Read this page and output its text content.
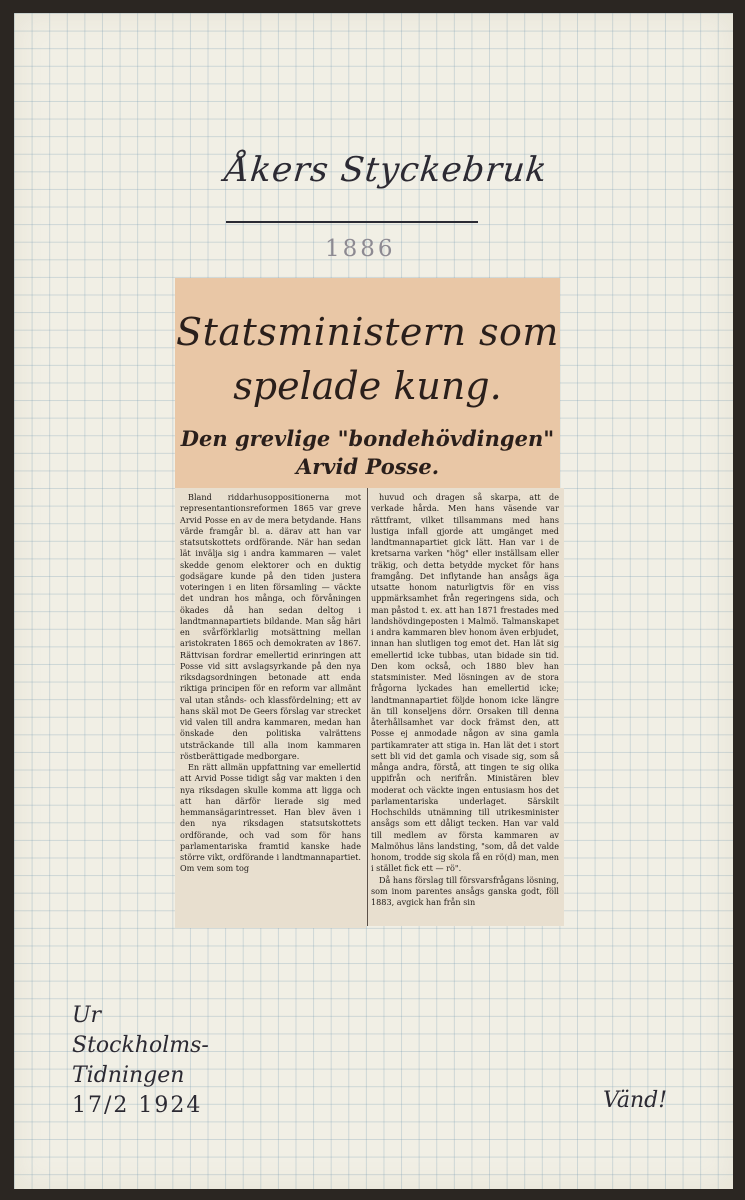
Åkers Styckebruk
1886
Statsministern som
spelade kung.
Den grevlige "bondehövdingen"
Arvid Posse.

Bland riddarhusoppositionerna mot representantionsreformen 1865 var greve Arvid Posse en av de mera betydande. Hans värde framgår bl. a. därav att han var statsutskottets ordförande. När han sedan lät invälja sig i andra kammaren — valet skedde genom elektorer och en duktig godsägare kunde på den tiden justera voteringen i en liten församling — väckte det undran hos många, och förvåningen ökades då han sedan deltog i landtmannapartiets bildande. Man såg häri en svårförklarlig motsättning mellan aristokraten 1865 och demokraten av 1867. Rättvisan fordrar emellertid erinringen att Posse vid sitt avslagsyrkande på den nya riksdagsordningen betonade att enda riktiga principen för en reform var allmänt val utan stånds- och klassfördelning; ett av hans skäl mot De Geers förslag var strecket vid valen till andra kammaren, medan han önskade den politiska valrättens utsträckande till alla inom kammaren röstberättigade medborgare.

En rätt allmän uppfattning var emellertid att Arvid Posse tidigt såg var makten i den nya riksdagen skulle komma att ligga och att han därför lierade sig med hemmansägarintresset. Han blev även i den nya riksdagen statsutskottets ordförande, och vad som för hans parlamentariska framtid kanske hade större vikt, ordförande i landtmannapartiet. Om vem som tog

huvud och dragen så skarpa, att de verkade hårda. Men hans väsende var rättframt, vilket tillsammans med hans lustiga infall gjorde att umgänget med landtmannapartiet gick lätt. Han var i de kretsarna varken "hög" eller inställsam eller träkig, och detta betydde mycket för hans framgång. Det inflytande han ansågs äga utsatte honom naturligtvis för en viss uppmärksamhet från regeringens sida, och man påstod t. ex. att han 1871 frestades med landshövdingeposten i Malmö. Talmanskapet i andra kammaren blev honom även erbjudet, innan han slutligen tog emot det. Han lät sig emellertid icke tubbas, utan bidade sin tid. Den kom också, och 1880 blev han statsminister. Med lösningen av de stora frågorna lyckades han emellertid icke; landtmannapartiet följde honom icke längre än till konseljens dörr. Orsaken till denna återhållsamhet var dock främst den, att Posse ej anmodade någon av sina gamla partikamrater att stiga in. Han lät det i stort sett bli vid det gamla och visade sig, som så många andra, förstå, att tingen te sig olika uppifrån och nerifrån. Ministären blev moderat och väckte ingen entusiasm hos det parlamentariska underlaget. Särskilt Hochschilds utnämning till utrikesminister ansågs som ett dåligt tecken. Han var vald till medlem av första kammaren av Malmöhus läns landsting, "som, då det valde honom, trodde sig skola få en rö(d) man, men i stället fick ett — rö".

Då hans förslag till försvarsfrågans lösning, som inom parentes ansågs ganska godt, föll 1883, avgick han från sin

Ur
Stockholms-
Tidningen
17/2 1924	Vänd!
